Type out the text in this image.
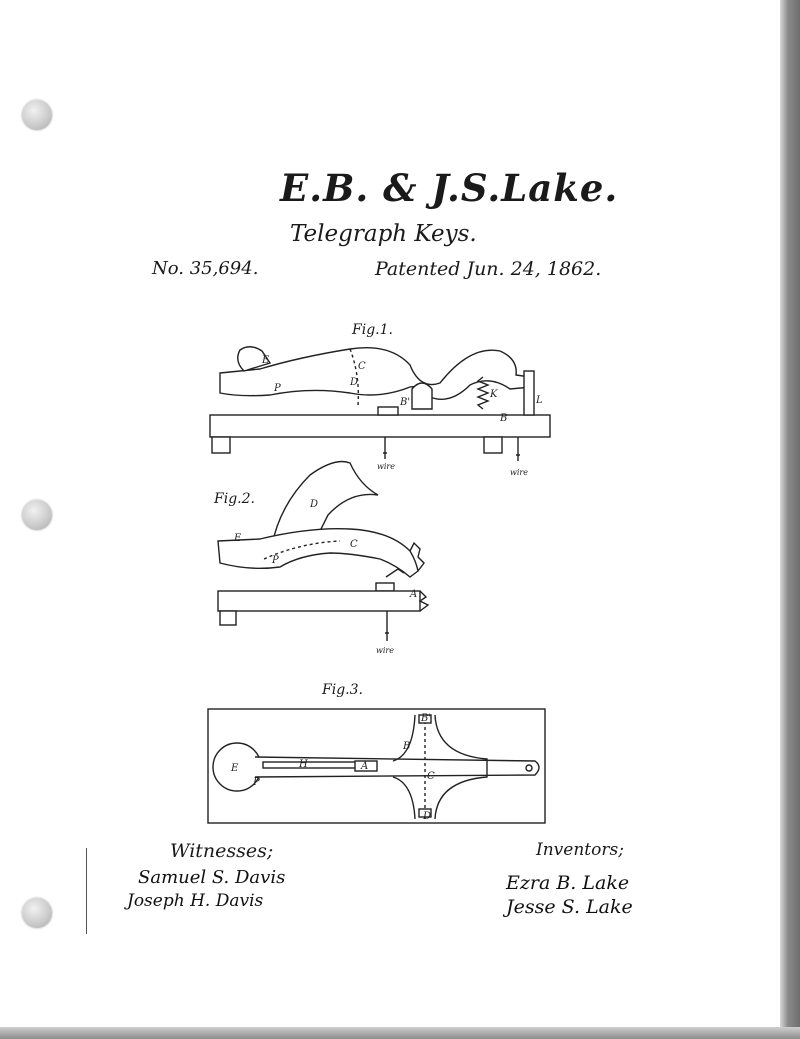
E.B. & J.S.Lake.

Telegraph Keys.

No. 35,694.	Patented Jun. 24, 1862.

Fig.1.

E
C
P
D
B'
K
B
L
wire
wire

Fig.2.	D
E
C
P
A
wire

Fig.3.

B'
B
E	H	A
C
P
D

Witnesses;

Samuel S. Davis

Joseph H. Davis

Inventors;

Ezra B. Lake

Jesse S. Lake
